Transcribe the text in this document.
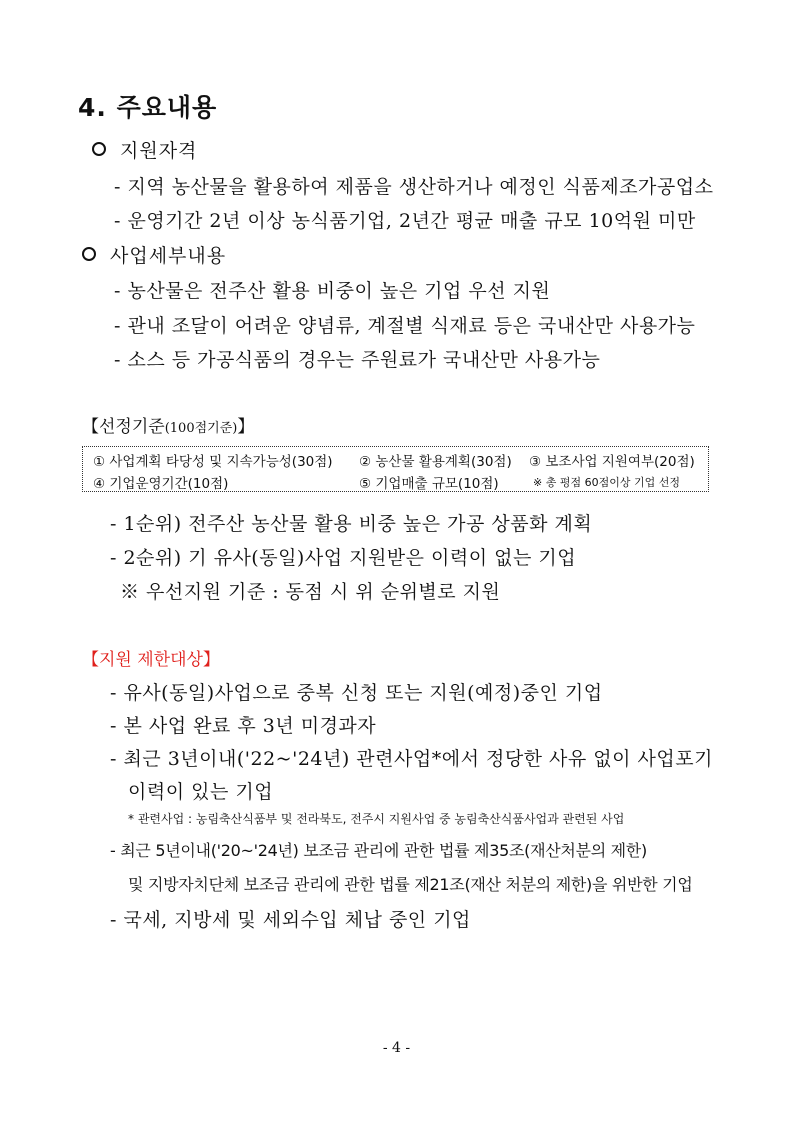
4. 주요내용
지원자격
- 지역 농산물을 활용하여 제품을 생산하거나 예정인 식품제조가공업소
- 운영기간 2년 이상 농식품기업, 2년간 평균 매출 규모 10억원 미만
사업세부내용
- 농산물은 전주산 활용 비중이 높은 기업 우선 지원
- 관내 조달이 어려운 양념류, 계절별 식재료 등은 국내산만 사용가능
- 소스 등 가공식품의 경우는 주원료가 국내산만 사용가능
【선정기준(100점기준)】
① 사업계획 타당성 및 지속가능성(30점) ② 농산물 활용계획(30점) ③ 보조사업 지원여부(20점)
④ 기업운영기간(10점)	⑤ 기업매출 규모(10점)	※ 총 평점 60점이상 기업 선정
- 1순위) 전주산 농산물 활용 비중 높은 가공 상품화 계획
- 2순위) 기 유사(동일)사업 지원받은 이력이 없는 기업
※ 우선지원 기준 : 동점 시 위 순위별로 지원
【지원 제한대상】
- 유사(동일)사업으로 중복 신청 또는 지원(예정)중인 기업
- 본 사업 완료 후 3년 미경과자
- 최근 3년이내('22~'24년) 관련사업*에서 정당한 사유 없이 사업포기
이력이 있는 기업
* 관련사업 : 농림축산식품부 및 전라북도, 전주시 지원사업 중 농림축산식품사업과 관련된 사업
- 최근 5년이내('20~'24년) 보조금 관리에 관한 법률 제35조(재산처분의 제한)
및 지방자치단체 보조금 관리에 관한 법률 제21조(재산 처분의 제한)을 위반한 기업
- 국세, 지방세 및 세외수입 체납 중인 기업
- 4 -
